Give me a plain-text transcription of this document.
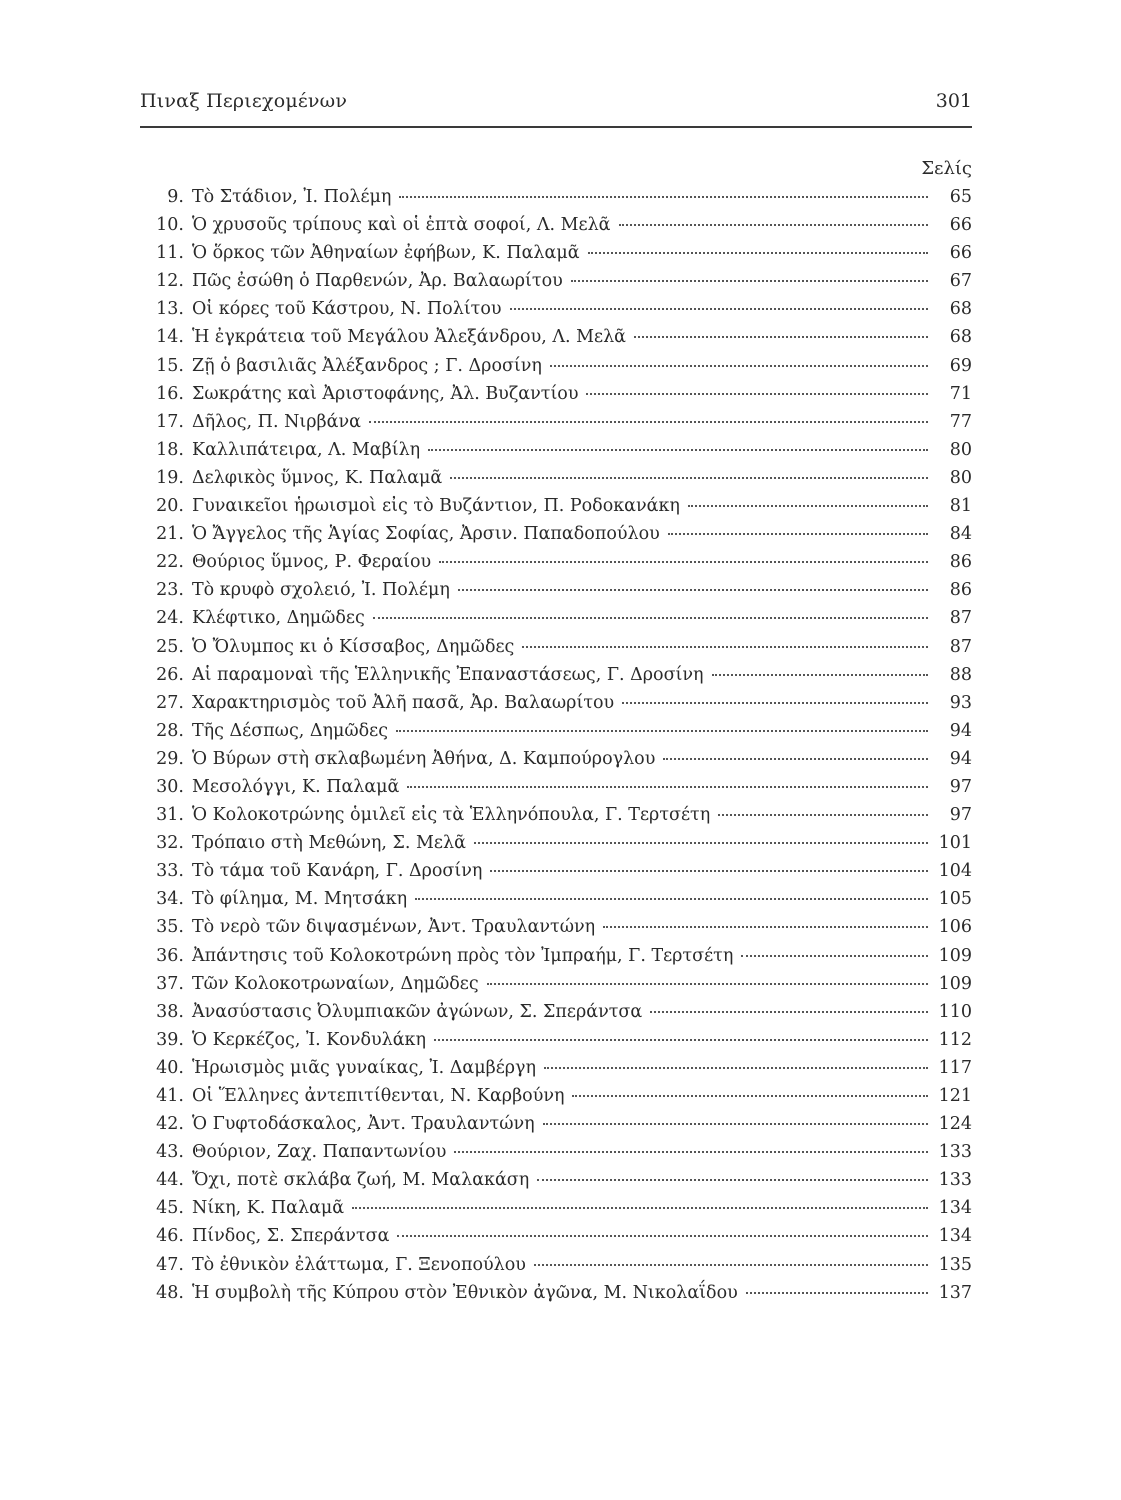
Πιναξ Περιεχομένων	301
Σελίς
9. Τὸ Στάδιον, Ἰ. Πολέμη	65
10. Ὁ χρυσοῦς τρίπους καὶ οἱ ἑπτὰ σοφοί, Λ. Μελᾶ	66
11. Ὁ ὅρκος τῶν Ἀθηναίων ἐφήβων, Κ. Παλαμᾶ	66
12. Πῶς ἐσώθη ὁ Παρθενών, Ἀρ. Βαλαωρίτου	67
13. Οἱ κόρες τοῦ Κάστρου, Ν. Πολίτου	68
14. Ἡ ἐγκράτεια τοῦ Μεγάλου Ἀλεξάνδρου, Λ. Μελᾶ	68
15. Ζῇ ὁ βασιλιᾶς Ἀλέξανδρος ; Γ. Δροσίνη	69
16. Σωκράτης καὶ Ἀριστοφάνης, Ἀλ. Βυζαντίου	71
17. Δῆλος, Π. Νιρβάνα	77
18. Καλλιπάτειρα, Λ. Μαβίλη	80
19. Δελφικὸς ὕμνος, Κ. Παλαμᾶ	80
20. Γυναικεῖοι ἡρωισμοὶ εἰς τὸ Βυζάντιον, Π. Ροδοκανάκη	81
21. Ὁ Ἄγγελος τῆς Ἁγίας Σοφίας, Ἀρσιν. Παπαδοπούλου	84
22. Θούριος ὕμνος, Ρ. Φεραίου	86
23. Τὸ κρυφὸ σχολειό, Ἰ. Πολέμη	86
24. Κλέφτικο, Δημῶδες	87
25. Ὁ Ὄλυμπος κι ὁ Κίσσαβος, Δημῶδες	87
26. Αἱ παραμοναὶ τῆς Ἑλληνικῆς Ἐπαναστάσεως, Γ. Δροσίνη	88
27. Χαρακτηρισμὸς τοῦ Ἀλῆ πασᾶ, Ἀρ. Βαλαωρίτου	93
28. Τῆς Δέσπως, Δημῶδες	94
29. Ὁ Βύρων στὴ σκλαβωμένη Ἀθήνα, Δ. Καμπούρογλου	94
30. Μεσολόγγι, Κ. Παλαμᾶ	97
31. Ὁ Κολοκοτρώνης ὁμιλεῖ εἰς τὰ Ἑλληνόπουλα, Γ. Τερτσέτη	97
32. Τρόπαιο στὴ Μεθώνη, Σ. Μελᾶ	101
33. Τὸ τάμα τοῦ Κανάρη, Γ. Δροσίνη	104
34. Τὸ φίλημα, Μ. Μητσάκη	105
35. Τὸ νερὸ τῶν διψασμένων, Ἀντ. Τραυλαντώνη	106
36. Ἀπάντησις τοῦ Κολοκοτρώνη πρὸς τὸν Ἰμπραήμ, Γ. Τερτσέτη	109
37. Τῶν Κολοκοτρωναίων, Δημῶδες	109
38. Ἀνασύστασις Ὀλυμπιακῶν ἀγώνων, Σ. Σπεράντσα	110
39. Ὁ Κερκέζος, Ἰ. Κονδυλάκη	112
40. Ἡρωισμὸς μιᾶς γυναίκας, Ἰ. Δαμβέργη	117
41. Οἱ Ἕλληνες ἀντεπιτίθενται, Ν. Καρβούνη	121
42. Ὁ Γυφτοδάσκαλος, Ἀντ. Τραυλαντώνη	124
43. Θούριον, Ζαχ. Παπαντωνίου	133
44. Ὄχι, ποτὲ σκλάβα ζωή, Μ. Μαλακάση	133
45. Νίκη, Κ. Παλαμᾶ	134
46. Πίνδος, Σ. Σπεράντσα	134
47. Τὸ ἐθνικὸν ἐλάττωμα, Γ. Ξενοπούλου	135
48. Ἡ συμβολὴ τῆς Κύπρου στὸν Ἐθνικὸν ἀγῶνα, Μ. Νικολαΐδου	137
